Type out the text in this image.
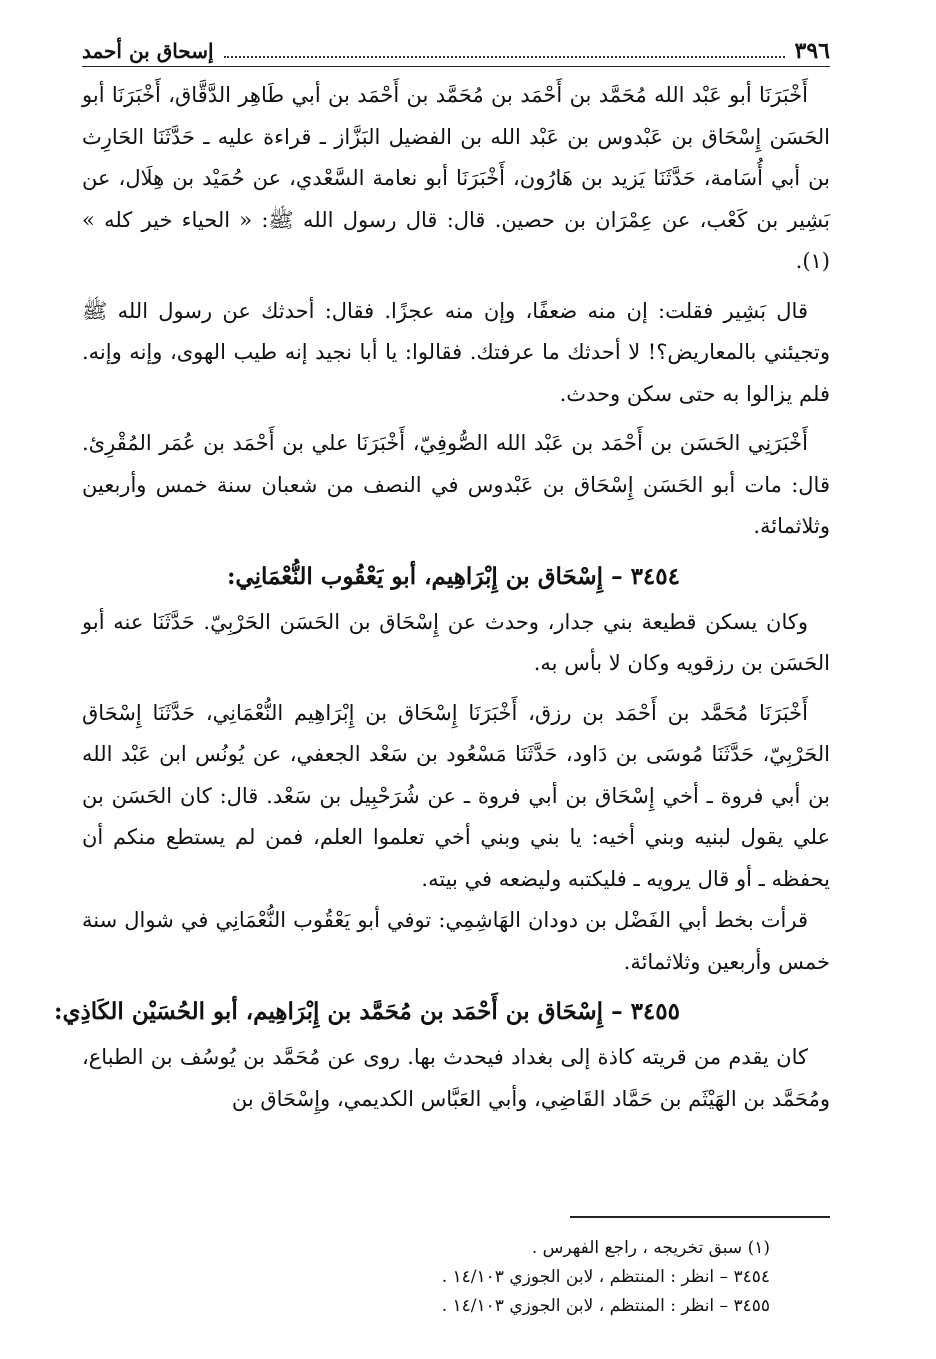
٣٩٦
إسحاق بن أحمد

أَخْبَرَنَا أبو عَبْد الله مُحَمَّد بن أَحْمَد بن مُحَمَّد بن أَحْمَد بن أبي طَاهِر الدَّقَّاق، أَخْبَرَنَا أبو الحَسَن إِسْحَاق بن عَبْدوس بن عَبْد الله بن الفضيل البَزَّاز ـ قراءة عليه ـ حَدَّثَنَا الحَارِث بن أبي أُسَامة، حَدَّثَنَا يَزيد بن هَارُون، أَخْبَرَنَا أبو نعامة السَّعْدي، عن حُمَيْد بن هِلَال، عن بَشِير بن كَعْب، عن عِمْرَان بن حصين. قال: قال رسول الله ﷺ: « الحياء خير كله » (١).

قال بَشِير فقلت: إن منه ضعفًا، وإن منه عجزًا. فقال: أحدثك عن رسول الله ﷺ وتجيئني بالمعاريض؟! لا أحدثك ما عرفتك. فقالوا: يا أبا نجيد إنه طيب الهوى، وإنه وإنه. فلم يزالوا به حتى سكن وحدث.

أَخْبَرَنِي الحَسَن بن أَحْمَد بن عَبْد الله الصُّوفِيّ، أَخْبَرَنَا علي بن أَحْمَد بن عُمَر المُقْرِئ. قال: مات أبو الحَسَن إِسْحَاق بن عَبْدوس في النصف من شعبان سنة خمس وأربعين وثلاثمائة.

٣٤٥٤ –إِسْحَاق بن إِبْرَاهِيم، أبو يَعْقُوب النُّعْمَانِي:

وكان يسكن قطيعة بني جدار، وحدث عن إِسْحَاق بن الحَسَن الحَرْبِيّ. حَدَّثَنَا عنه أبو الحَسَن بن رزقويه وكان لا بأس به.

أَخْبَرَنَا مُحَمَّد بن أَحْمَد بن رزق، أَخْبَرَنَا إِسْحَاق بن إِبْرَاهِيم النُّعْمَانِي، حَدَّثَنَا إِسْحَاق الحَرْبِيّ، حَدَّثَنَا مُوسَى بن دَاود، حَدَّثَنَا مَسْعُود بن سَعْد الجعفي، عن يُونُس ابن عَبْد الله بن أبي فروة ـ أخي إِسْحَاق بن أبي فروة ـ عن شُرَحْبِيل بن سَعْد. قال: كان الحَسَن بن علي يقول لبنيه وبني أخيه: يا بني وبني أخي تعلموا العلم، فمن لم يستطع منكم أن يحفظه ـ أو قال يرويه ـ فليكتبه وليضعه في بيته.

قرأت بخط أبي الفَضْل بن دودان الهَاشِمِي: توفي أبو يَعْقُوب النُّعْمَانِي في شوال سنة خمس وأربعين وثلاثمائة.

٣٤٥٥ –إِسْحَاق بن أَحْمَد بن مُحَمَّد بن إِبْرَاهِيم، أبو الحُسَيْن الكَاذِي:

كان يقدم من قريته كاذة إلى بغداد فيحدث بها. روى عن مُحَمَّد بن يُوسُف بن الطباع، ومُحَمَّد بن الهَيْثَم بن حَمَّاد القَاضِي، وأبي العَبَّاس الكديمي، وإِسْحَاق بن

(١) سبق تخريجه ، راجع الفهرس .
٣٤٥٤ – انظر : المنتظم ، لابن الجوزي ١٤/١٠٣ .
٣٤٥٥ – انظر : المنتظم ، لابن الجوزي ١٤/١٠٣ .
